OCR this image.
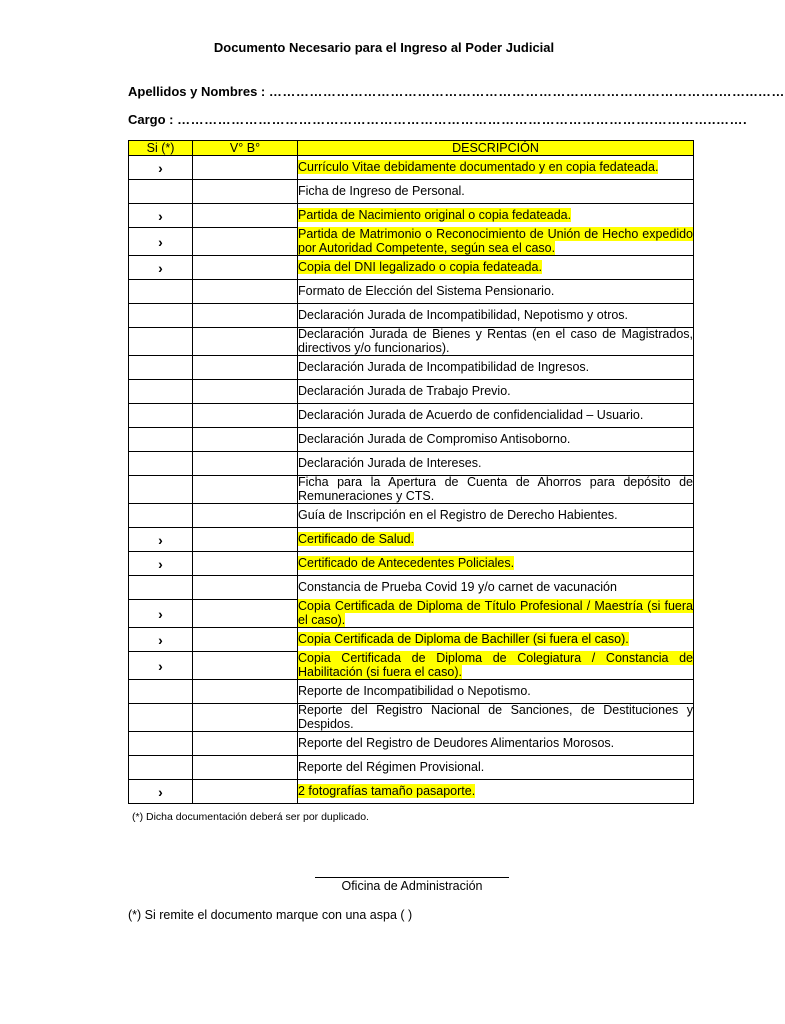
Documento Necesario para el Ingreso al Poder Judicial
Apellidos y Nombres : ……………………………………………………………………………………….……...……
Cargo : …………………………………………………………………………………………….…………..…….
Si (*)	V° B°	DESCRIPCIÓN
›		Currículo Vitae debidamente documentado y en copia fedateada.
		Ficha de Ingreso de Personal.
›		Partida de Nacimiento original o copia fedateada.
›		Partida de Matrimonio o Reconocimiento de Unión de Hecho expedido por Autoridad Competente, según sea el caso.
›		Copia del DNI legalizado o copia fedateada.
		Formato de Elección del Sistema Pensionario.
		Declaración Jurada de Incompatibilidad, Nepotismo y otros.
		Declaración Jurada de Bienes y Rentas (en el caso de Magistrados, directivos y/o funcionarios).
		Declaración Jurada de Incompatibilidad de Ingresos.
		Declaración Jurada de Trabajo Previo.
		Declaración Jurada de Acuerdo de confidencialidad – Usuario.
		Declaración Jurada de Compromiso Antisoborno.
		Declaración Jurada de Intereses.
		Ficha para la Apertura de Cuenta de Ahorros para depósito de Remuneraciones y CTS.
		Guía de Inscripción en el Registro de Derecho Habientes.
›		Certificado de Salud.
›		Certificado de Antecedentes Policiales.
		Constancia de Prueba Covid 19 y/o carnet de vacunación
›		Copia Certificada de Diploma de Título Profesional / Maestría (si fuera el caso).
›		Copia Certificada de Diploma de Bachiller (si fuera el caso).
›		Copia Certificada de Diploma de Colegiatura / Constancia de Habilitación (si fuera el caso).
		Reporte de Incompatibilidad o Nepotismo.
		Reporte del Registro Nacional de Sanciones, de Destituciones y Despidos.
		Reporte del Registro de Deudores Alimentarios Morosos.
		Reporte del Régimen Provisional.
›		2 fotografías tamaño pasaporte.
(*) Dicha documentación deberá ser por duplicado.
Oficina de Administración
(*) Si remite el documento marque con una aspa ( )
